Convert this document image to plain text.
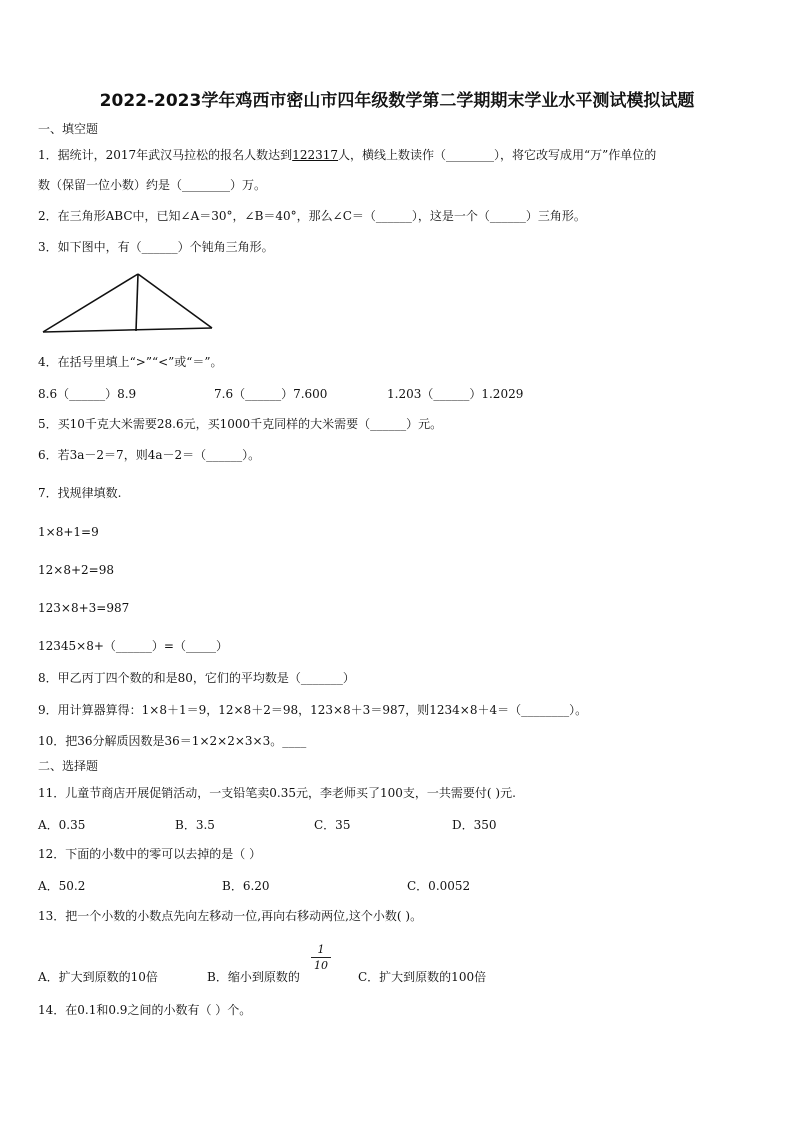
2022-2023学年鸡西市密山市四年级数学第二学期期末学业水平测试模拟试题
一、填空题
1．据统计，2017年武汉马拉松的报名人数达到122317人，横线上数读作（________），将它改写成用“万”作单位的
数（保留一位小数）约是（________）万。
2．在三角形ABC中，已知∠A＝30°，∠B＝40°，那么∠C＝（______），这是一个（______）三角形。
3．如下图中，有（______）个钝角三角形。
4．在括号里填上“>”“<”或“＝”。
8.6（______）8.9	7.6（______）7.600	1.203（______）1.2029
5．买10千克大米需要28.6元，买1000千克同样的大米需要（______）元。
6．若3a－2＝7，则4a－2＝（______）。
7．找规律填数.
1×8+1=9
12×8+2=98
123×8+3=987
12345×8+（______）=（_____）
8．甲乙丙丁四个数的和是80，它们的平均数是（_______）
9．用计算器算得：1×8＋1＝9，12×8＋2＝98，123×8＋3＝987，则1234×8＋4＝（________）。
10．把36分解质因数是36＝1×2×2×3×3。____
二、选择题
11．儿童节商店开展促销活动，一支铅笔卖0.35元，李老师买了100支，一共需要付( )元.
A．0.35	B．3.5	C．35	D．350
12．下面的小数中的零可以去掉的是（ ）
A．50.2	B．6.20	C．0.0052
13．把一个小数的小数点先向左移动一位,再向右移动两位,这个小数( )。
A．扩大到原数的10倍	B．缩小到原数的
1
10
C．扩大到原数的100倍
14．在0.1和0.9之间的小数有（ ）个。
